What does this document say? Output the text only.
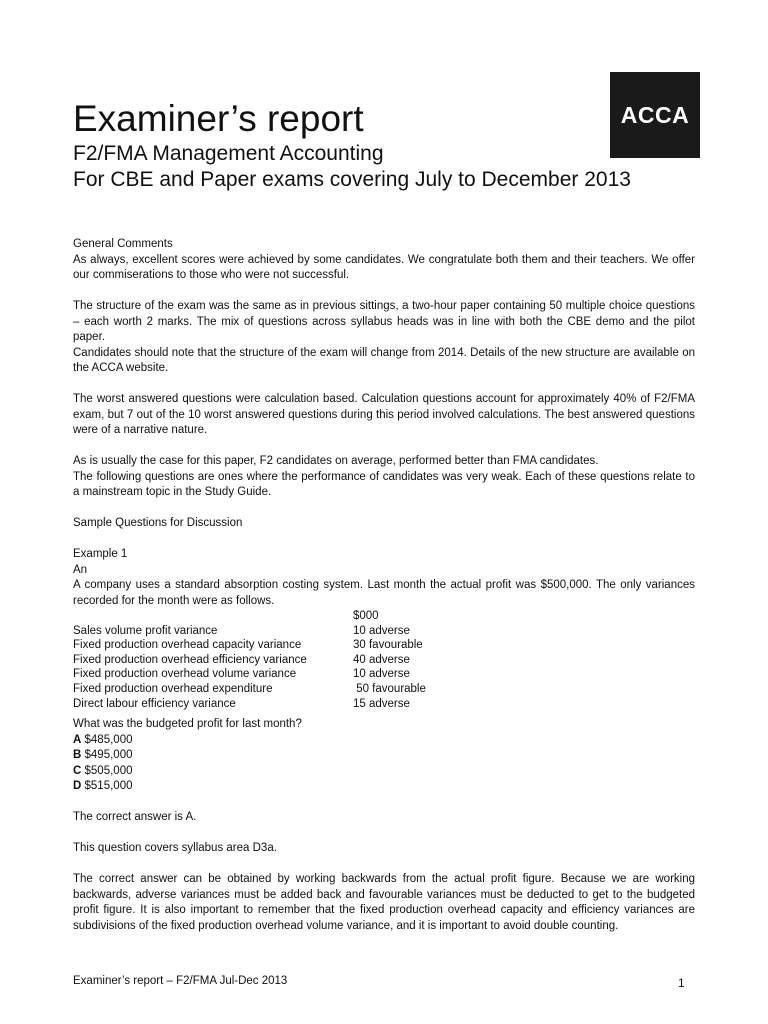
ACCA
Examiner’s report
F2/FMA Management Accounting
For CBE and Paper exams covering July to December 2013

General Comments

As always, excellent scores were achieved by some candidates. We congratulate both them and their teachers. We offer our commiserations to those who were not successful.

The structure of the exam was the same as in previous sittings, a two-hour paper containing 50 multiple choice questions – each worth 2 marks. The mix of questions across syllabus heads was in line with both the CBE demo and the pilot paper.

Candidates should note that the structure of the exam will change from 2014. Details of the new structure are available on the ACCA website.

The worst answered questions were calculation based. Calculation questions account for approximately 40% of F2/FMA exam, but 7 out of the 10 worst answered questions during this period involved calculations. The best answered questions were of a narrative nature.

As is usually the case for this paper, F2 candidates on average, performed better than FMA candidates.

The following questions are ones where the performance of candidates was very weak. Each of these questions relate to a mainstream topic in the Study Guide.

Sample Questions for Discussion

Example 1

An

A company uses a standard absorption costing system. Last month the actual profit was $500,000. The only variances recorded for the month were as follows.

	$000
Sales volume profit variance	10 adverse
Fixed production overhead capacity variance	30 favourable
Fixed production overhead efficiency variance	40 adverse
Fixed production overhead volume variance	10 adverse
Fixed production overhead expenditure	50 favourable
Direct labour efficiency variance	15 adverse

What was the budgeted profit for last month?

A $485,000

B $495,000

C $505,000

D $515,000

The correct answer is A.

This question covers syllabus area D3a.

The correct answer can be obtained by working backwards from the actual profit figure. Because we are working backwards, adverse variances must be added back and favourable variances must be deducted to get to the budgeted profit figure. It is also important to remember that the fixed production overhead capacity and efficiency variances are subdivisions of the fixed production overhead volume variance, and it is important to avoid double counting.

Examiner’s report – F2/FMA Jul-Dec 2013	1
